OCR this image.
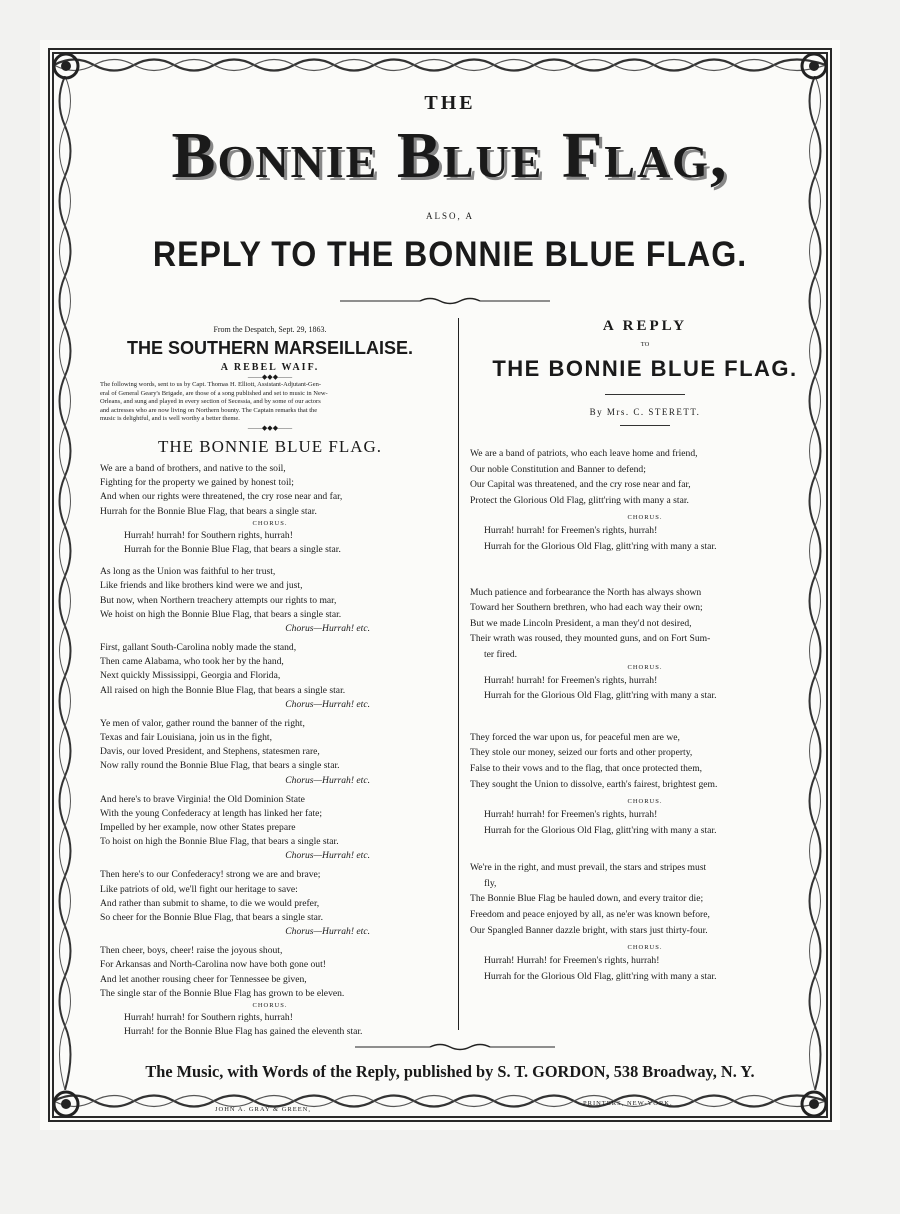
THE
Bonnie Blue Flag,
ALSO, A
REPLY TO THE BONNIE BLUE FLAG.
From the Despatch, Sept. 29, 1863.
THE SOUTHERN MARSEILLAISE.
A REBEL WAIF.
——◆◆◆——
The following words, sent to us by Capt. Thomas H. Elliott, Assistant-Adjutant-Gen-
eral of General Geary's Brigade, are those of a song published and set to music in New-
Orleans, and sung and played in every section of Secessia, and by some of our actors
and actresses who are now living on Northern bounty. The Captain remarks that the
music is delightful, and is well worthy a better theme.
——◆◆◆——
THE BONNIE BLUE FLAG.
We are a band of brothers, and native to the soil,
Fighting for the property we gained by honest toil;
And when our rights were threatened, the cry rose near and far,
Hurrah for the Bonnie Blue Flag, that bears a single star.
CHORUS.
Hurrah! hurrah! for Southern rights, hurrah!
Hurrah for the Bonnie Blue Flag, that bears a single star.
As long as the Union was faithful to her trust,
Like friends and like brothers kind were we and just,
But now, when Northern treachery attempts our rights to mar,
We hoist on high the Bonnie Blue Flag, that bears a single star.
Chorus—Hurrah! etc.
First, gallant South-Carolina nobly made the stand,
Then came Alabama, who took her by the hand,
Next quickly Mississippi, Georgia and Florida,
All raised on high the Bonnie Blue Flag, that bears a single star.
Chorus—Hurrah! etc.
Ye men of valor, gather round the banner of the right,
Texas and fair Louisiana, join us in the fight,
Davis, our loved President, and Stephens, statesmen rare,
Now rally round the Bonnie Blue Flag, that bears a single star.
Chorus—Hurrah! etc.
And here's to brave Virginia! the Old Dominion State
With the young Confederacy at length has linked her fate;
Impelled by her example, now other States prepare
To hoist on high the Bonnie Blue Flag, that bears a single star.
Chorus—Hurrah! etc.
Then here's to our Confederacy! strong we are and brave;
Like patriots of old, we'll fight our heritage to save:
And rather than submit to shame, to die we would prefer,
So cheer for the Bonnie Blue Flag, that bears a single star.
Chorus—Hurrah! etc.
Then cheer, boys, cheer! raise the joyous shout,
For Arkansas and North-Carolina now have both gone out!
And let another rousing cheer for Tennessee be given,
The single star of the Bonnie Blue Flag has grown to be eleven.
CHORUS.
Hurrah! hurrah! for Southern rights, hurrah!
Hurrah! for the Bonnie Blue Flag has gained the eleventh star.
A REPLY
TO
THE BONNIE BLUE FLAG.
By Mrs. C. STERETT.
We are a band of patriots, who each leave home and friend,
Our noble Constitution and Banner to defend;
Our Capital was threatened, and the cry rose near and far,
Protect the Glorious Old Flag, glitt'ring with many a star.
CHORUS.
Hurrah! hurrah! for Freemen's rights, hurrah!
Hurrah for the Glorious Old Flag, glitt'ring with many a star.
Much patience and forbearance the North has always shown
Toward her Southern brethren, who had each way their own;
But we made Lincoln President, a man they'd not desired,
Their wrath was roused, they mounted guns, and on Fort Sum-
ter fired.
CHORUS.
Hurrah! hurrah! for Freemen's rights, hurrah!
Hurrah for the Glorious Old Flag, glitt'ring with many a star.
They forced the war upon us, for peaceful men are we,
They stole our money, seized our forts and other property,
False to their vows and to the flag, that once protected them,
They sought the Union to dissolve, earth's fairest, brightest gem.
CHORUS.
Hurrah! hurrah! for Freemen's rights, hurrah!
Hurrah for the Glorious Old Flag, glitt'ring with many a star.
We're in the right, and must prevail, the stars and stripes must
fly,
The Bonnie Blue Flag be hauled down, and every traitor die;
Freedom and peace enjoyed by all, as ne'er was known before,
Our Spangled Banner dazzle bright, with stars just thirty-four.
CHORUS.
Hurrah! Hurrah! for Freemen's rights, hurrah!
Hurrah for the Glorious Old Flag, glitt'ring with many a star.
The Music, with Words of the Reply, published by S. T. GORDON, 538 Broadway, N. Y.
JOHN A. GRAY & GREEN,
PRINTERS, NEW-YORK.
